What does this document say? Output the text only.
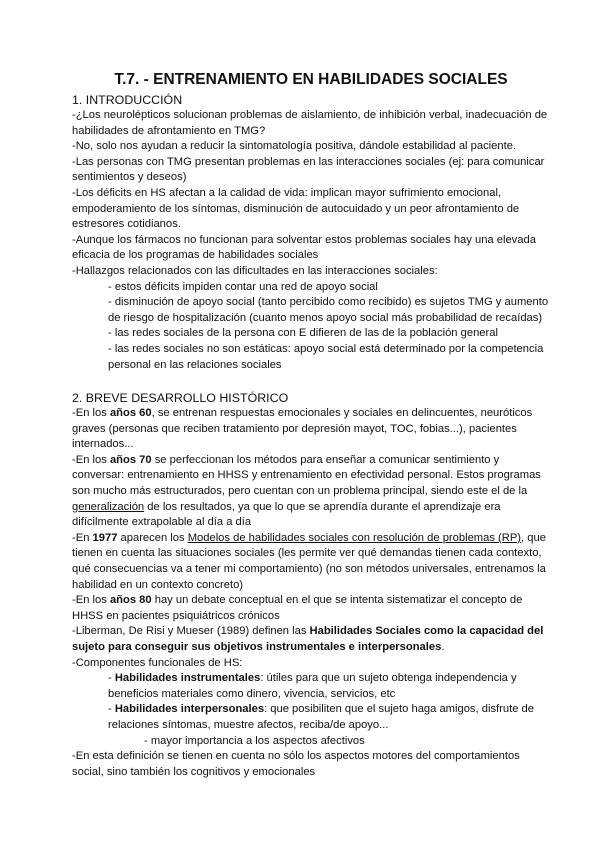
T.7. - ENTRENAMIENTO EN HABILIDADES SOCIALES
1. INTRODUCCIÓN

-¿Los neurolépticos solucionan problemas de aislamiento, de inhibición verbal, inadecuación de habilidades de afrontamiento en TMG?

-No, solo nos ayudan a reducir la sintomatología positiva, dándole estabilidad al paciente.

-Las personas con TMG presentan problemas en las interacciones sociales (ej: para comunicar sentimientos y deseos)

-Los déficits en HS afectan a la calidad de vida: implican mayor sufrimiento emocional, empoderamiento de los síntomas, disminución de autocuidado y un peor afrontamiento de estresores cotidianos.

-Aunque los fármacos no funcionan para solventar estos problemas sociales hay una elevada eficacia de los programas de habilidades sociales

-Hallazgos relacionados con las dificultades en las interacciones sociales:

- estos déficits impiden contar una red de apoyo social

- disminución de apoyo social (tanto percibido como recibido) es sujetos TMG y aumento de riesgo de hospitalización (cuanto menos apoyo social más probabilidad de recaídas)

- las redes sociales de la persona con E difieren de las de la población general

- las redes sociales no son estáticas: apoyo social está determinado por la competencia personal en las relaciones sociales

2. BREVE DESARROLLO HISTÓRICO

-En los años 60, se entrenan respuestas emocionales y sociales en delincuentes, neuróticos graves (personas que reciben tratamiento por depresión mayot, TOC, fobias...), pacientes internados...

-En los años 70 se perfeccionan los métodos para enseñar a comunicar sentimiento y conversar: entrenamiento en HHSS y entrenamiento en efectividad personal. Estos programas son mucho más estructurados, pero cuentan con un problema principal, siendo este el de la generalización de los resultados, ya que lo que se aprendía durante el aprendizaje era difícilmente extrapolable al día a día

-En 1977 aparecen los Modelos de habilidades sociales con resolución de problemas (RP), que tienen en cuenta las situaciones sociales (les permite ver qué demandas tienen cada contexto, qué consecuencias va a tener mi comportamiento) (no son métodos universales, entrenamos la habilidad en un contexto concreto)

-En los años 80 hay un debate conceptual en el que se intenta sistematizar el concepto de HHSS en pacientes psiquiátricos crónicos

-Liberman, De Risi y Mueser (1989) definen las Habilidades Sociales como la capacidad del sujeto para conseguir sus objetivos instrumentales e interpersonales.

-Componentes funcionales de HS:

- Habilidades instrumentales: útiles para que un sujeto obtenga independencia y beneficios materiales como dinero, vivencia, servicios, etc

- Habilidades interpersonales: que posibiliten que el sujeto haga amigos, disfrute de relaciones síntomas, muestre afectos, reciba/de apoyo...

- mayor importancia a los aspectos afectivos

-En esta definición se tienen en cuenta no sólo los aspectos motores del comportamientos social, sino también los cognitivos y emocionales
